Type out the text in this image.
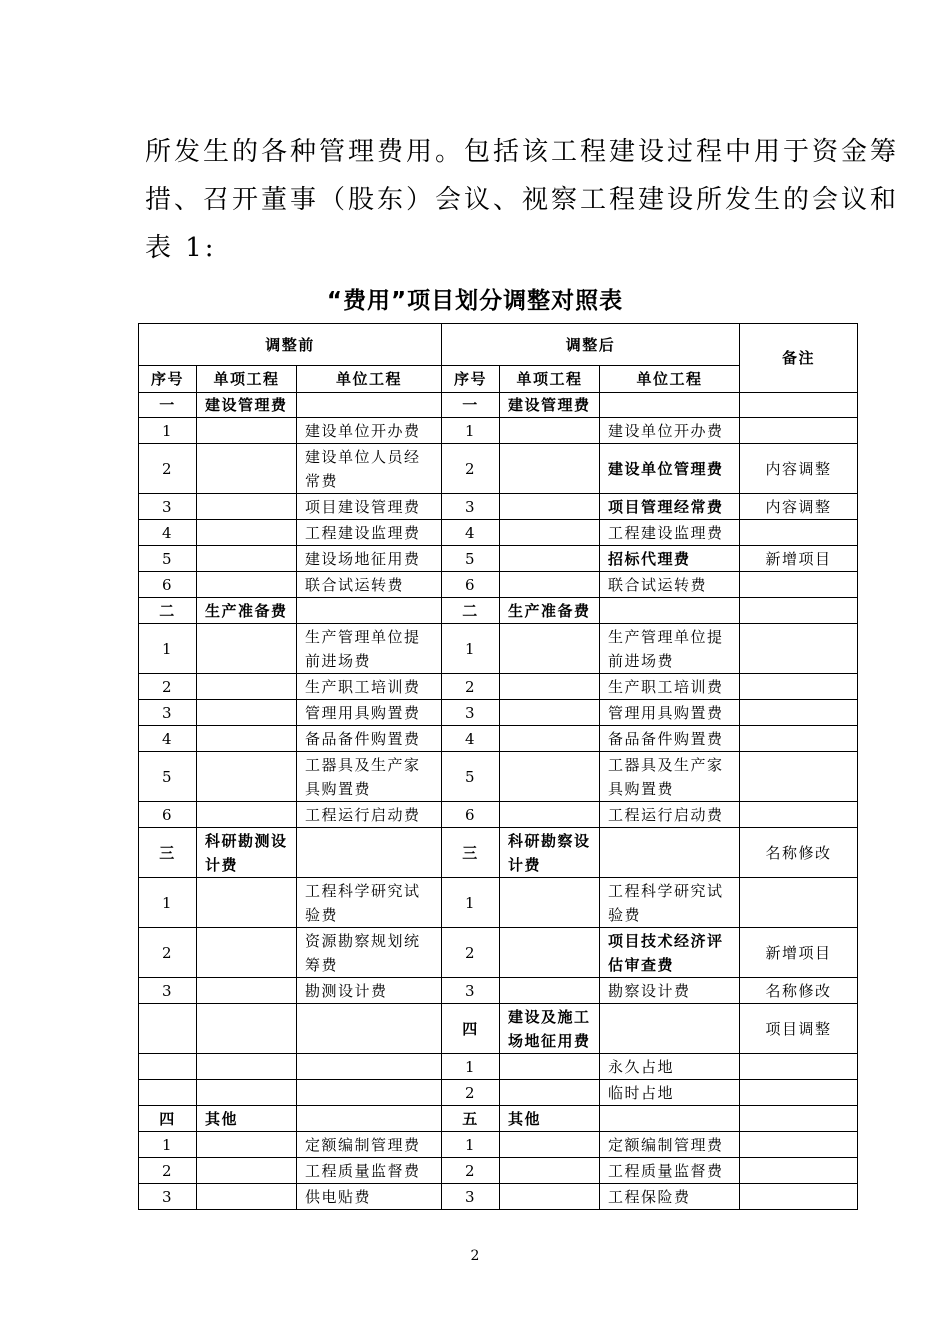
所发生的各种管理费用。包括该工程建设过程中用于资金筹
措、召开董事（股东）会议、视察工程建设所发生的会议和
表 1:
“费用”项目划分调整对照表
调整前			调整后			备注
序号	单项工程	单位工程	序号	单项工程	单位工程	
一	建设管理费		一	建设管理费		
1		建设单位开办费	1		建设单位开办费	
2		建设单位人员经常费	2		建设单位管理费	内容调整
3		项目建设管理费	3		项目管理经常费	内容调整
4		工程建设监理费	4		工程建设监理费	
5		建设场地征用费	5		招标代理费	新增项目
6		联合试运转费	6		联合试运转费	
二	生产准备费		二	生产准备费		
1		生产管理单位提前进场费	1		生产管理单位提前进场费	
2		生产职工培训费	2		生产职工培训费	
3		管理用具购置费	3		管理用具购置费	
4		备品备件购置费	4		备品备件购置费	
5		工器具及生产家具购置费	5		工器具及生产家具购置费	
6		工程运行启动费	6		工程运行启动费	
三	科研勘测设计费		三	科研勘察设计费		名称修改
1		工程科学研究试验费	1		工程科学研究试验费	
2		资源勘察规划统筹费	2		项目技术经济评估审查费	新增项目
3		勘测设计费	3		勘察设计费	名称修改
			四	建设及施工场地征用费		项目调整
			1		永久占地	
			2		临时占地	
四	其他		五	其他		
1		定额编制管理费	1		定额编制管理费	
2		工程质量监督费	2		工程质量监督费	
3		供电贴费	3		工程保险费	
2
